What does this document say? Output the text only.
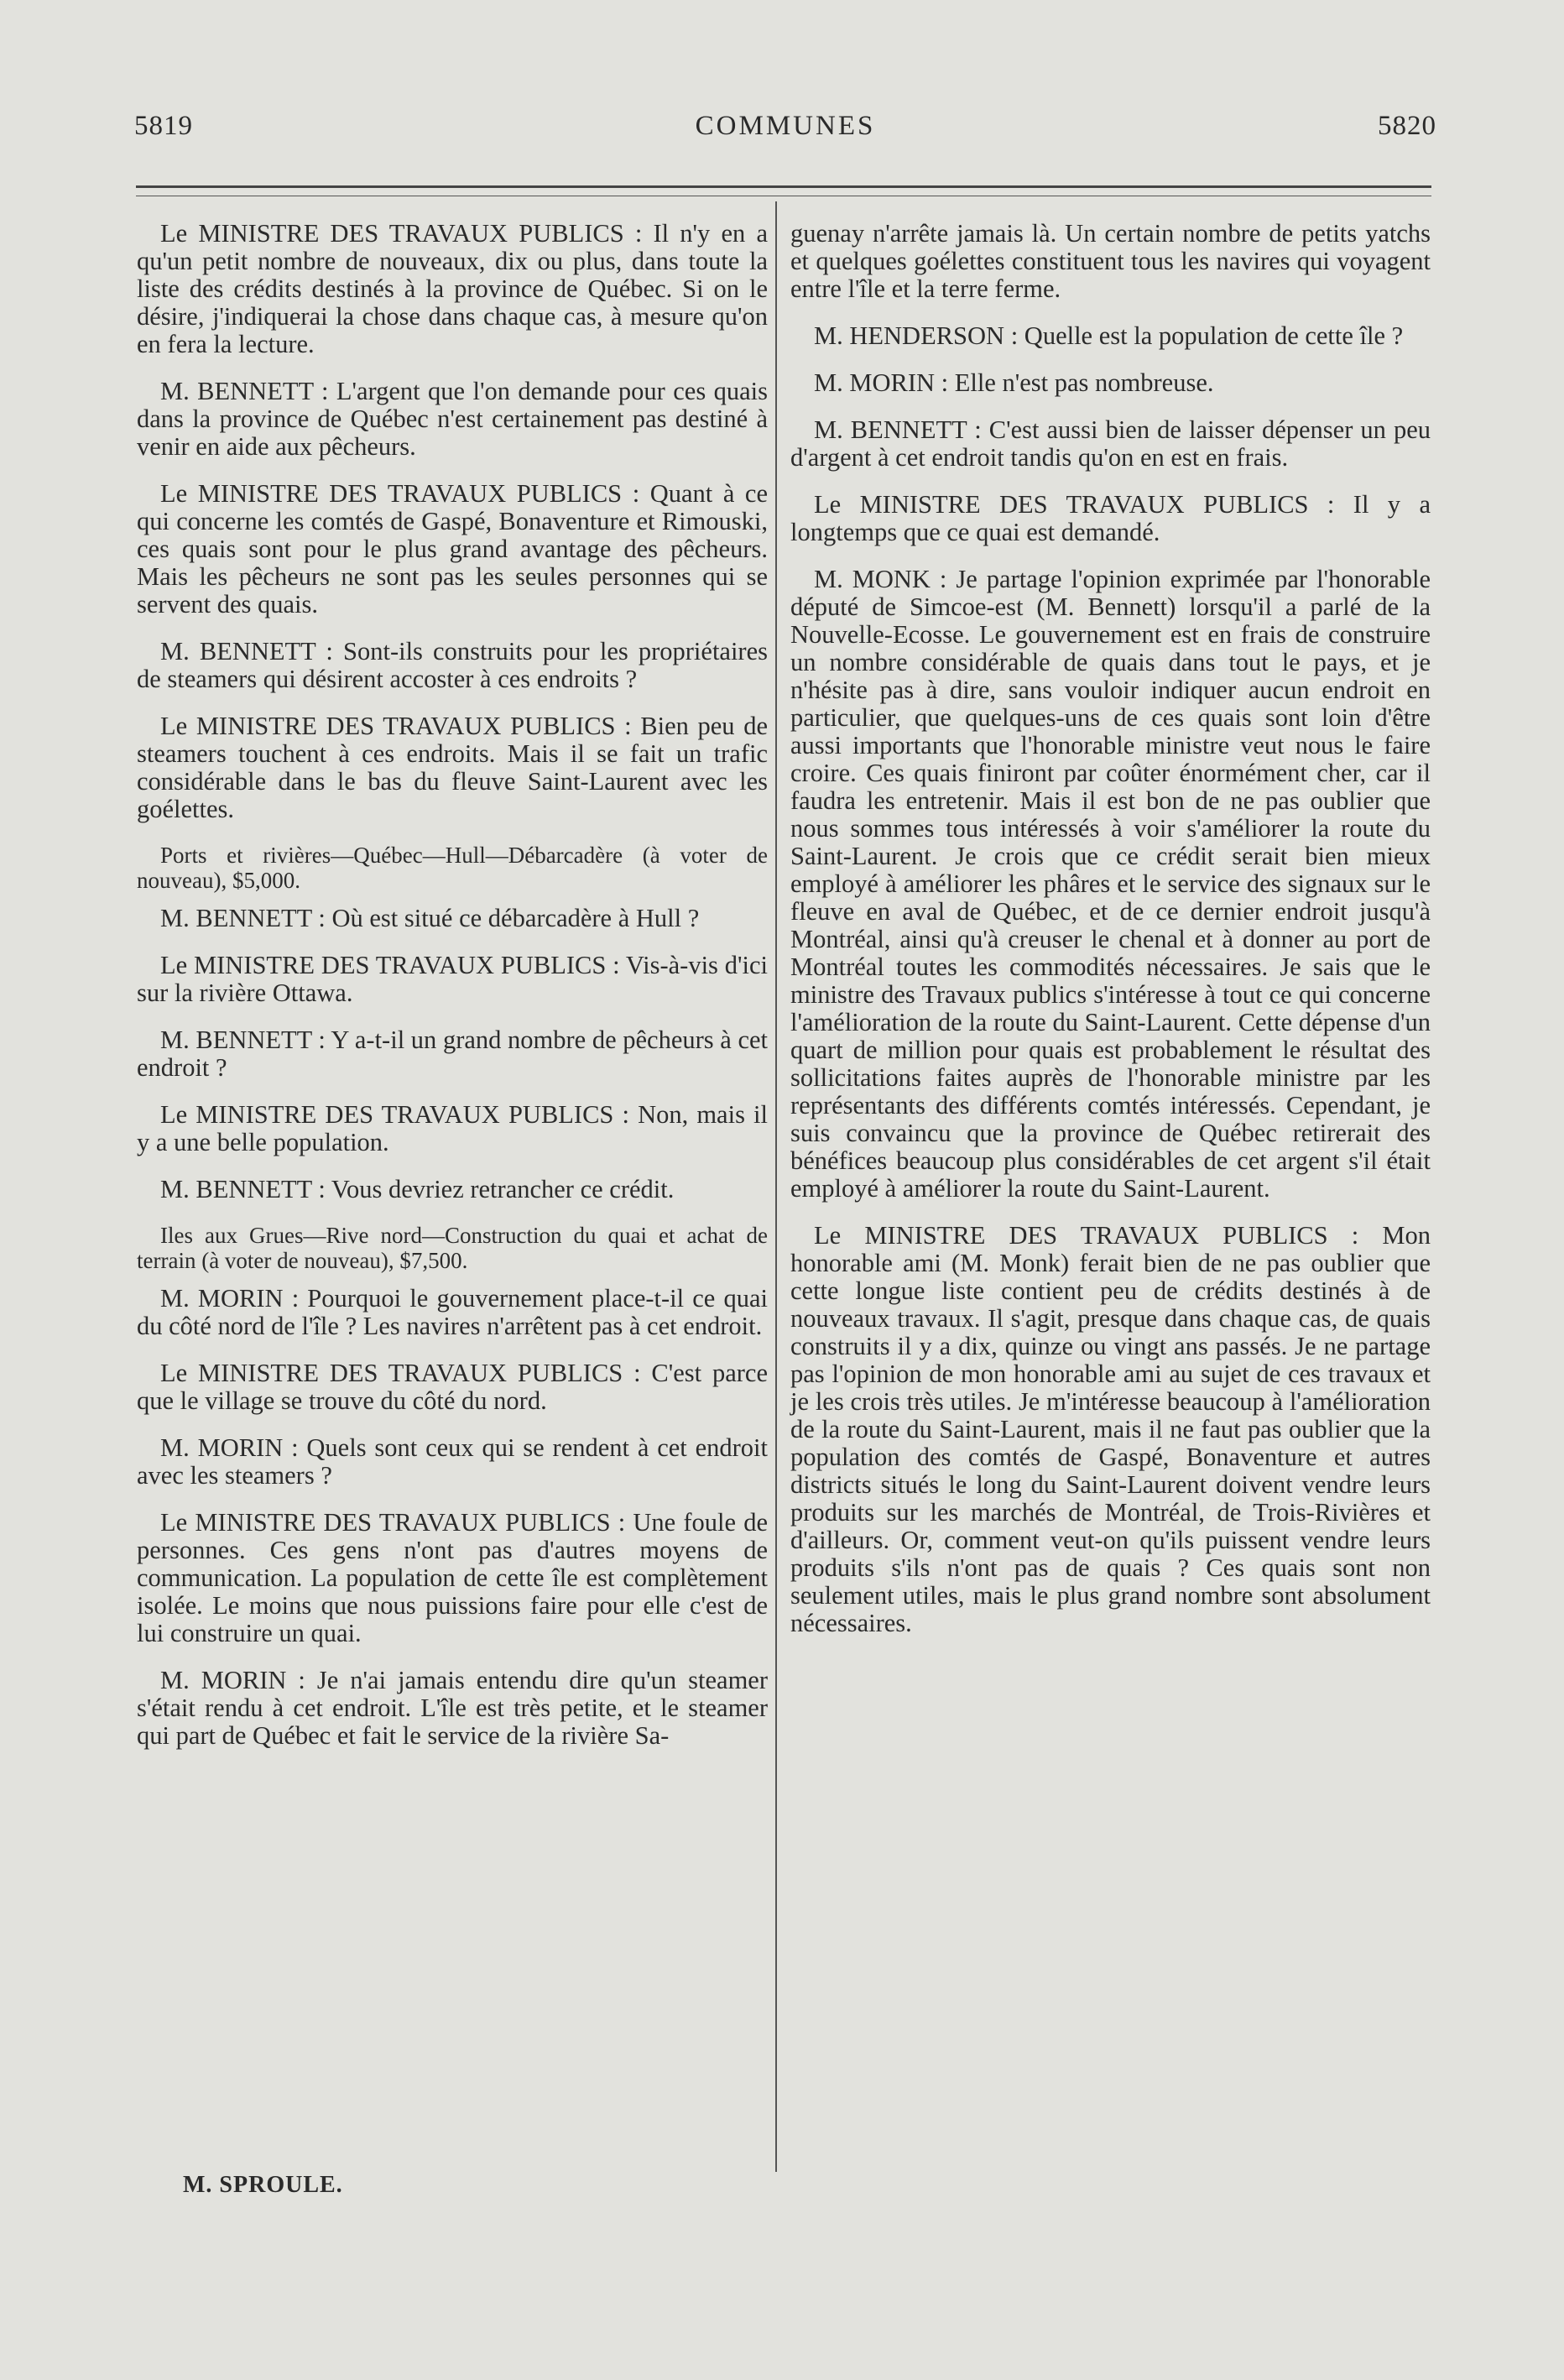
5819	COMMUNES	5820

Le MINISTRE DES TRAVAUX PUBLICS : Il n'y en a qu'un petit nombre de nouveaux, dix ou plus, dans toute la liste des crédits destinés à la province de Québec. Si on le désire, j'indiquerai la chose dans chaque cas, à mesure qu'on en fera la lecture.

M. BENNETT : L'argent que l'on demande pour ces quais dans la province de Québec n'est certainement pas destiné à venir en aide aux pêcheurs.

Le MINISTRE DES TRAVAUX PUBLICS : Quant à ce qui concerne les comtés de Gaspé, Bonaventure et Rimouski, ces quais sont pour le plus grand avantage des pêcheurs. Mais les pêcheurs ne sont pas les seules personnes qui se servent des quais.

M. BENNETT : Sont-ils construits pour les propriétaires de steamers qui désirent accoster à ces endroits ?

Le MINISTRE DES TRAVAUX PUBLICS : Bien peu de steamers touchent à ces endroits. Mais il se fait un trafic considérable dans le bas du fleuve Saint-Laurent avec les goélettes.

Ports et rivières—Québec—Hull—Débarcadère (à voter de nouveau), $5,000.

M. BENNETT : Où est situé ce débarcadère à Hull ?

Le MINISTRE DES TRAVAUX PUBLICS : Vis-à-vis d'ici sur la rivière Ottawa.

M. BENNETT : Y a-t-il un grand nombre de pêcheurs à cet endroit ?

Le MINISTRE DES TRAVAUX PUBLICS : Non, mais il y a une belle population.

M. BENNETT : Vous devriez retrancher ce crédit.

Iles aux Grues—Rive nord—Construction du quai et achat de terrain (à voter de nouveau), $7,500.

M. MORIN : Pourquoi le gouvernement place-t-il ce quai du côté nord de l'île ? Les navires n'arrêtent pas à cet endroit.

Le MINISTRE DES TRAVAUX PUBLICS : C'est parce que le village se trouve du côté du nord.

M. MORIN : Quels sont ceux qui se rendent à cet endroit avec les steamers ?

Le MINISTRE DES TRAVAUX PUBLICS : Une foule de personnes. Ces gens n'ont pas d'autres moyens de communication. La population de cette île est complètement isolée. Le moins que nous puissions faire pour elle c'est de lui construire un quai.

M. MORIN : Je n'ai jamais entendu dire qu'un steamer s'était rendu à cet endroit. L'île est très petite, et le steamer qui part de Québec et fait le service de la rivière Sa-

guenay n'arrête jamais là. Un certain nombre de petits yatchs et quelques goélettes constituent tous les navires qui voyagent entre l'île et la terre ferme.

M. HENDERSON : Quelle est la population de cette île ?

M. MORIN : Elle n'est pas nombreuse.

M. BENNETT : C'est aussi bien de laisser dépenser un peu d'argent à cet endroit tandis qu'on en est en frais.

Le MINISTRE DES TRAVAUX PUBLICS : Il y a longtemps que ce quai est demandé.

M. MONK : Je partage l'opinion exprimée par l'honorable député de Simcoe-est (M. Bennett) lorsqu'il a parlé de la Nouvelle-Ecosse. Le gouvernement est en frais de construire un nombre considérable de quais dans tout le pays, et je n'hésite pas à dire, sans vouloir indiquer aucun endroit en particulier, que quelques-uns de ces quais sont loin d'être aussi importants que l'honorable ministre veut nous le faire croire. Ces quais finiront par coûter énormément cher, car il faudra les entretenir. Mais il est bon de ne pas oublier que nous sommes tous intéressés à voir s'améliorer la route du Saint-Laurent. Je crois que ce crédit serait bien mieux employé à améliorer les phâres et le service des signaux sur le fleuve en aval de Québec, et de ce dernier endroit jusqu'à Montréal, ainsi qu'à creuser le chenal et à donner au port de Montréal toutes les commodités nécessaires. Je sais que le ministre des Travaux publics s'intéresse à tout ce qui concerne l'amélioration de la route du Saint-Laurent. Cette dépense d'un quart de million pour quais est probablement le résultat des sollicitations faites auprès de l'honorable ministre par les représentants des différents comtés intéressés. Cependant, je suis convaincu que la province de Québec retirerait des bénéfices beaucoup plus considérables de cet argent s'il était employé à améliorer la route du Saint-Laurent.

Le MINISTRE DES TRAVAUX PUBLICS : Mon honorable ami (M. Monk) ferait bien de ne pas oublier que cette longue liste contient peu de crédits destinés à de nouveaux travaux. Il s'agit, presque dans chaque cas, de quais construits il y a dix, quinze ou vingt ans passés. Je ne partage pas l'opinion de mon honorable ami au sujet de ces travaux et je les crois très utiles. Je m'intéresse beaucoup à l'amélioration de la route du Saint-Laurent, mais il ne faut pas oublier que la population des comtés de Gaspé, Bonaventure et autres districts situés le long du Saint-Laurent doivent vendre leurs produits sur les marchés de Montréal, de Trois-Rivières et d'ailleurs. Or, comment veut-on qu'ils puissent vendre leurs produits s'ils n'ont pas de quais ? Ces quais sont non seulement utiles, mais le plus grand nombre sont absolument nécessaires.

M. SPROULE.
